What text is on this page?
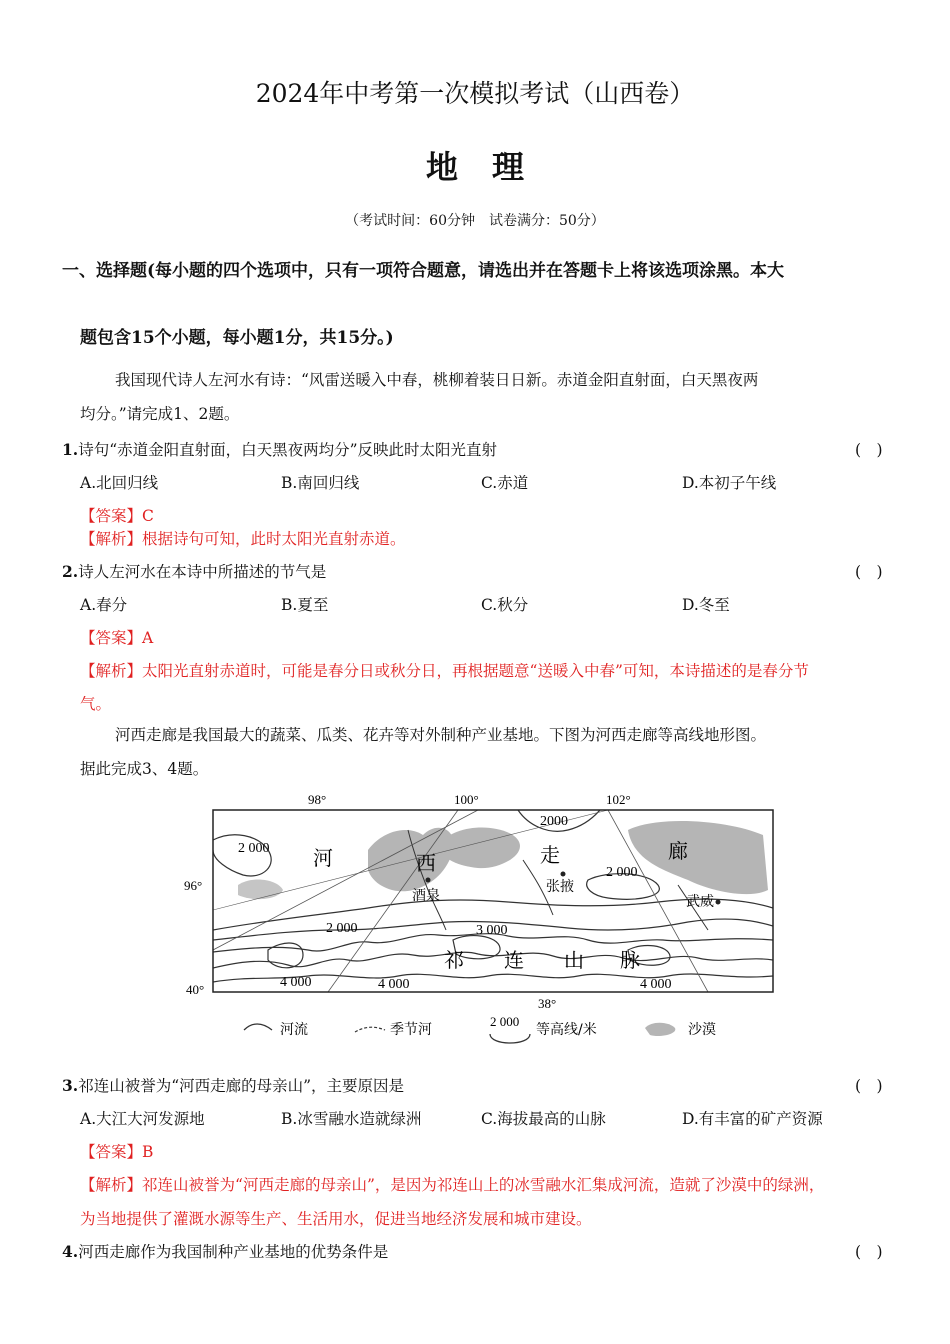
2024年中考第一次模拟考试（山西卷）
地理
（考试时间：60分钟　试卷满分：50分）
一、选择题(每小题的四个选项中，只有一项符合题意，请选出并在答题卡上将该选项涂黑。本大
题包含15个小题，每小题1分，共15分。)
我国现代诗人左河水有诗：“风雷送暖入中春，桃柳着装日日新。赤道金阳直射面，白天黑夜两
均分。”请完成1、2题。
1.诗句“赤道金阳直射面，白天黑夜两均分”反映此时太阳光直射	(　)
A.北回归线	B.南回归线	C.赤道	D.本初子午线
【答案】C
【解析】根据诗句可知，此时太阳光直射赤道。
2.诗人左河水在本诗中所描述的节气是	(　)
A.春分	B.夏至	C.秋分	D.冬至
【答案】A
【解析】太阳光直射赤道时，可能是春分日或秋分日，再根据题意“送暖入中春”可知，本诗描述的是春分节
气。
河西走廊是我国最大的蔬菜、瓜类、花卉等对外制种产业基地。下图为河西走廊等高线地形图。
据此完成3、4题。
98°	100°	102°
38°
96°
40°
2 000
2000
2 000
2 000	3 000
4 000	4 000	4 000
河	西	走	廊
祁 连 山 脉
酒泉
张掖
武威
河流	季节河
2 000
等高线/米	沙漠
3.祁连山被誉为“河西走廊的母亲山”，主要原因是	(　)
A.大江大河发源地	B.冰雪融水造就绿洲	C.海拔最高的山脉	D.有丰富的矿产资源
【答案】B
【解析】祁连山被誉为“河西走廊的母亲山”，是因为祁连山上的冰雪融水汇集成河流，造就了沙漠中的绿洲，
为当地提供了灌溉水源等生产、生活用水，促进当地经济发展和城市建设。
4.河西走廊作为我国制种产业基地的优势条件是	(　)
